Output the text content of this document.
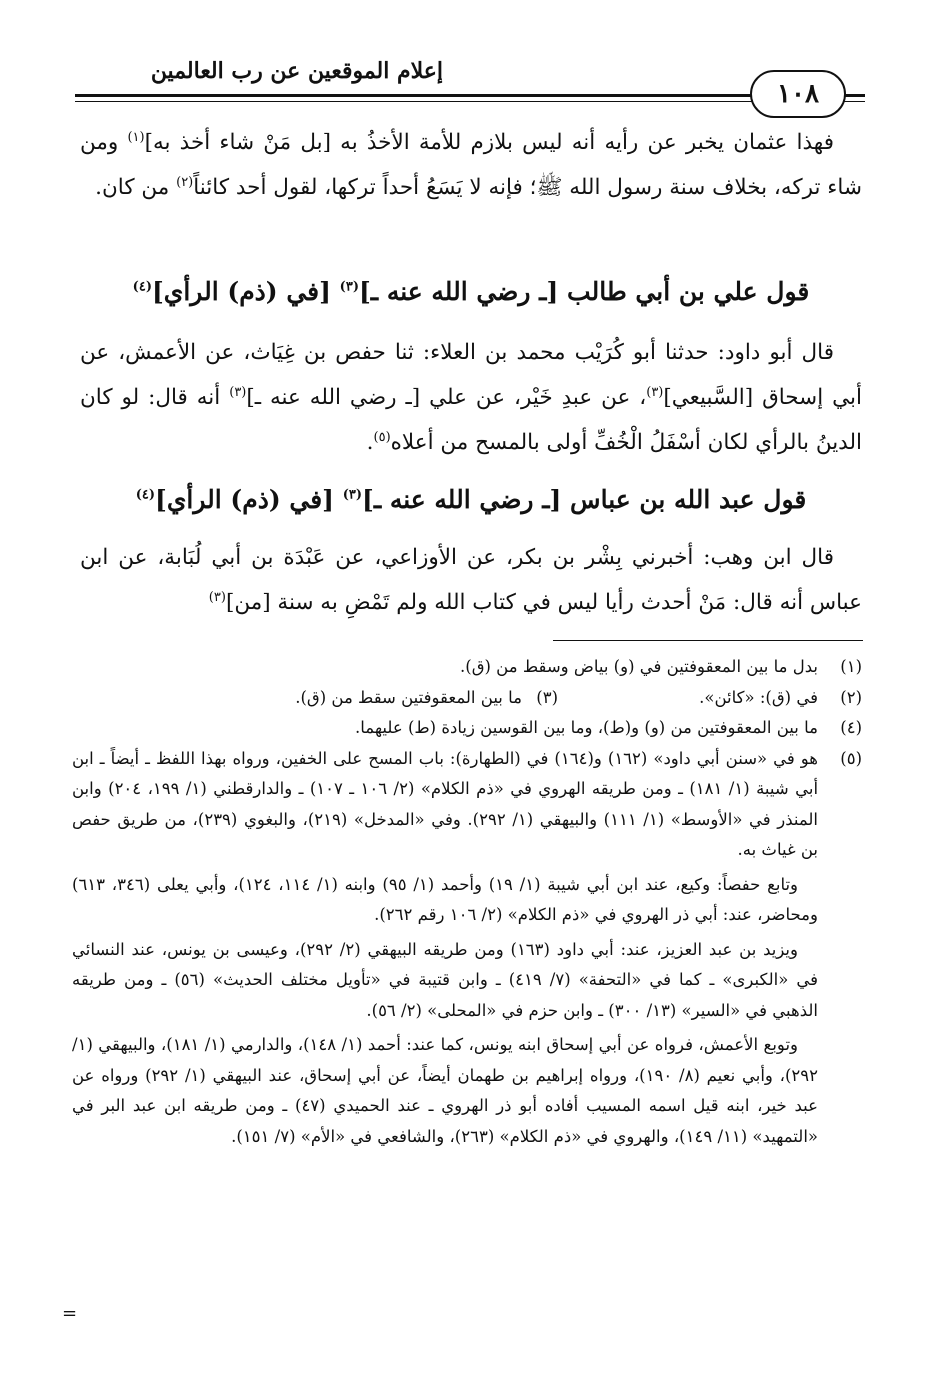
إعلام الموقعين عن رب العالمين
١٠٨

فهذا عثمان يخبر عن رأيه أنه ليس بلازم للأمة الأخذُ به [بل مَنْ شاء أخذ به]$^{(١)}$ ومن شاء تركه، بخلاف سنة رسول الله ﷺ؛ فإنه لا يَسَعُ أحداً تركها، لقول أحد كائناً$^{(٢)}$ من كان.

قول علي بن أبي طالب [ـ رضي الله عنه ـ]$^{(٣)}$ [في (ذم) الرأي]$^{(٤)}$

قال أبو داود: حدثنا أبو كُرَيْب محمد بن العلاء: ثنا حفص بن غِيَاث، عن الأعمش، عن أبي إسحاق [السَّبيعي]$^{(٣)}$، عن عبدِ خَيْر، عن علي [ـ رضي الله عنه ـ]$^{(٣)}$ أنه قال: لو كان الدينُ بالرأي لكان أسْفَلُ الْخُفِّ أولى بالمسح من أعلاه$^{(٥)}$.

قول عبد الله بن عباس [ـ رضي الله عنه ـ]$^{(٣)}$ [في (ذم) الرأي]$^{(٤)}$

قال ابن وهب: أخبرني بِشْر بن بكر، عن الأوزاعي، عن عَبْدَة بن أبي لُبَابة، عن ابن عباس أنه قال: مَنْ أحدث رأيا ليس في كتاب الله ولم تَمْضِ به سنة [من]$^{(٣)}$

(١)
بدل ما بين المعقوفتين في (و) بياض وسقط من (ق).
(٢)
في (ق): «كائن».
(٣)
ما بين المعقوفتين سقط من (ق).
(٤)
ما بين المعقوفتين من (و) و(ط)، وما بين القوسين زيادة (ط) عليهما.
(٥)
هو في «سنن أبي داود» (١٦٢) و(١٦٤) في (الطهارة): باب المسح على الخفين، ورواه بهذا اللفظ ـ أيضاً ـ ابن أبي شيبة (١/ ١٨١) ـ ومن طريقه الهروي في «ذم الكلام» (٢/ ١٠٦ ـ ١٠٧) ـ والدارقطني (١/ ١٩٩، ٢٠٤) وابن المنذر في «الأوسط» (١/ ١١١) والبيهقي (١/ ٢٩٢). وفي «المدخل» (٢١٩)، والبغوي (٢٣٩)، من طريق حفص بن غياث به.

وتابع حفصاً: وكيع، عند ابن أبي شيبة (١/ ١٩) وأحمد (١/ ٩٥) وابنه (١/ ١١٤، ١٢٤)، وأبي يعلى (٣٤٦، ٦١٣) ومحاضر، عند: أبي ذر الهروي في «ذم الكلام» (٢/ ١٠٦ رقم ٢٦٢).

ويزيد بن عبد العزيز، عند: أبي داود (١٦٣) ومن طريقه البيهقي (٢/ ٢٩٢)، وعيسى بن يونس، عند النسائي في «الكبرى» ـ كما في «التحفة» (٧/ ٤١٩) ـ وابن قتيبة في «تأويل مختلف الحديث» (٥٦) ـ ومن طريقه الذهبي في «السير» (١٣/ ٣٠٠) ـ وابن حزم في «المحلى» (٢/ ٥٦).

وتوبع الأعمش، فرواه عن أبي إسحاق ابنه يونس، كما عند: أحمد (١/ ١٤٨)، والدارمي (١/ ١٨١)، والبيهقي (١/ ٢٩٢)، وأبي نعيم (٨/ ١٩٠)، ورواه إبراهيم بن طهمان أيضاً، عن أبي إسحاق، عند البيهقي (١/ ٢٩٢) ورواه عن عبد خير، ابنه قيل اسمه المسيب أفاده أبو ذر الهروي ـ عند الحميدي (٤٧) ـ ومن طريقه ابن عبد البر في «التمهيد» (١١/ ١٤٩)، والهروي في «ذم الكلام» (٢٦٣)، والشافعي في «الأم» (٧/ ١٥١).

=
